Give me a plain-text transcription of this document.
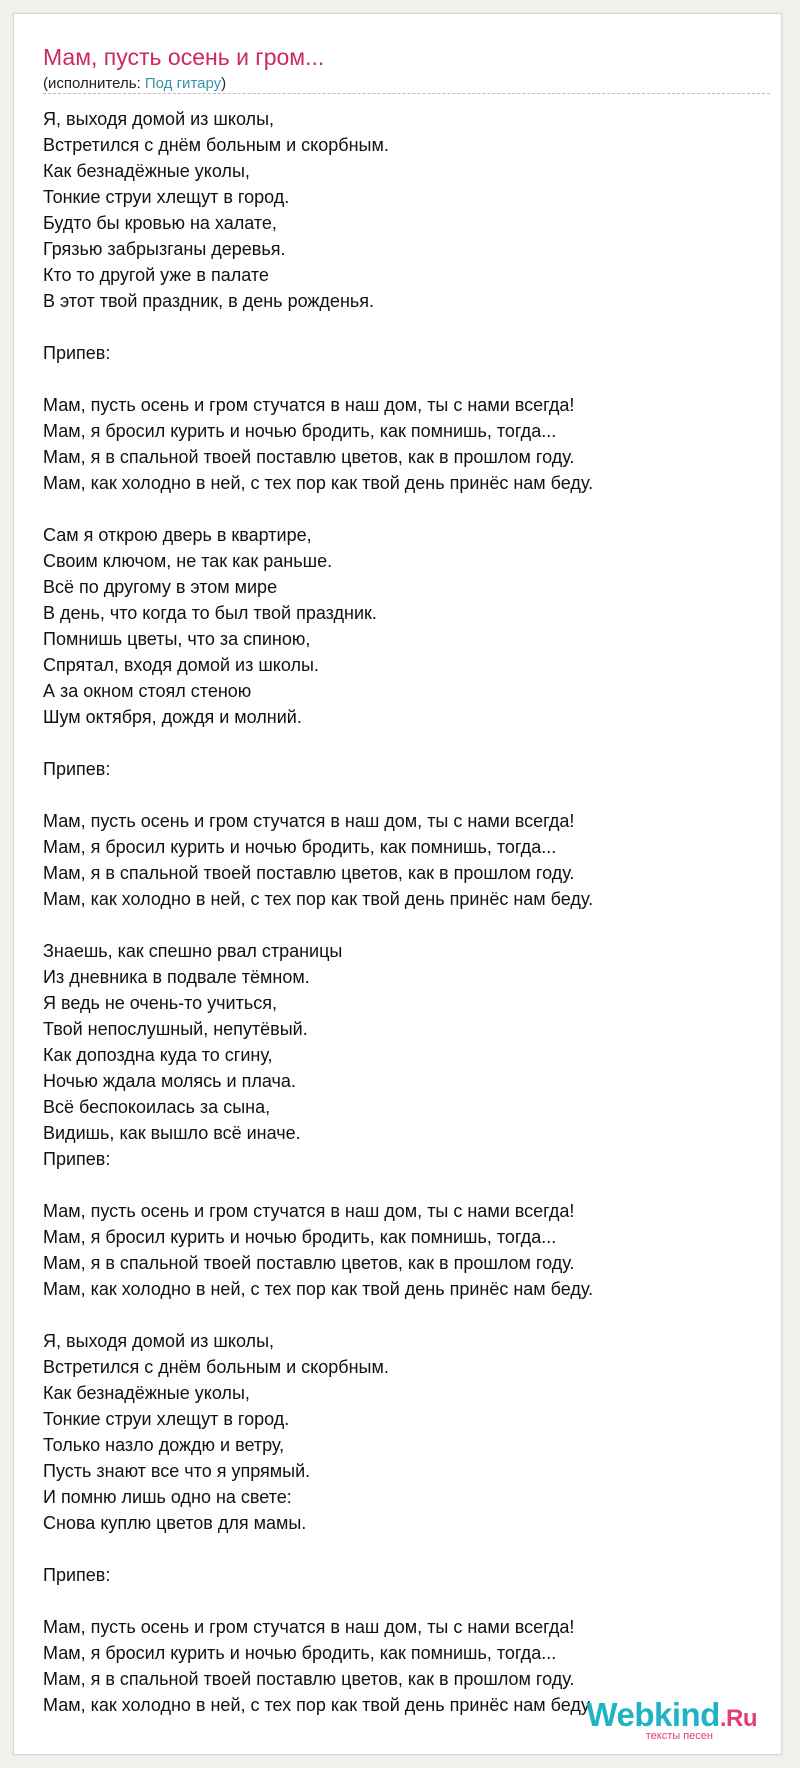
Мам, пусть осень и гром...
(исполнитель: Под гитару)
Я, выходя домой из школы,
Встретился с днём больным и скорбным.
Как безнадёжные уколы,
Тонкие струи хлещут в город.
Будто бы кровью на халате,
Грязью забрызганы деревья.
Кто то другой уже в палате
В этот твой праздник, в день рожденья.
Припев:
Мам, пусть осень и гром стучатся в наш дом, ты с нами всегда!
Мам, я бросил курить и ночью бродить, как помнишь, тогда...
Мам, я в спальной твоей поставлю цветов, как в прошлом году.
Мам, как холодно в ней, с тех пор как твой день принёс нам беду.
Сам я открою дверь в квартире,
Своим ключом, не так как раньше.
Всё по другому в этом мире
В день, что когда то был твой праздник.
Помнишь цветы, что за спиною,
Спрятал, входя домой из школы.
А за окном стоял стеною
Шум октября, дождя и молний.
Припев:
Мам, пусть осень и гром стучатся в наш дом, ты с нами всегда!
Мам, я бросил курить и ночью бродить, как помнишь, тогда...
Мам, я в спальной твоей поставлю цветов, как в прошлом году.
Мам, как холодно в ней, с тех пор как твой день принёс нам беду.
Знаешь, как спешно рвал страницы
Из дневника в подвале тёмном.
Я ведь не очень-то учиться,
Твой непослушный, непутёвый.
Как допоздна куда то сгину,
Ночью ждала молясь и плача.
Всё беспокоилась за сына,
Видишь, как вышло всё иначе.
Припев:
Мам, пусть осень и гром стучатся в наш дом, ты с нами всегда!
Мам, я бросил курить и ночью бродить, как помнишь, тогда...
Мам, я в спальной твоей поставлю цветов, как в прошлом году.
Мам, как холодно в ней, с тех пор как твой день принёс нам беду.
Я, выходя домой из школы,
Встретился с днём больным и скорбным.
Как безнадёжные уколы,
Тонкие струи хлещут в город.
Только назло дождю и ветру,
Пусть знают все что я упрямый.
И помню лишь одно на свете:
Снова куплю цветов для мамы.
Припев:
Мам, пусть осень и гром стучатся в наш дом, ты с нами всегда!
Мам, я бросил курить и ночью бродить, как помнишь, тогда...
Мам, я в спальной твоей поставлю цветов, как в прошлом году.
Мам, как холодно в ней, с тех пор как твой день принёс нам беду.
Webkind.Ru
тексты песен
